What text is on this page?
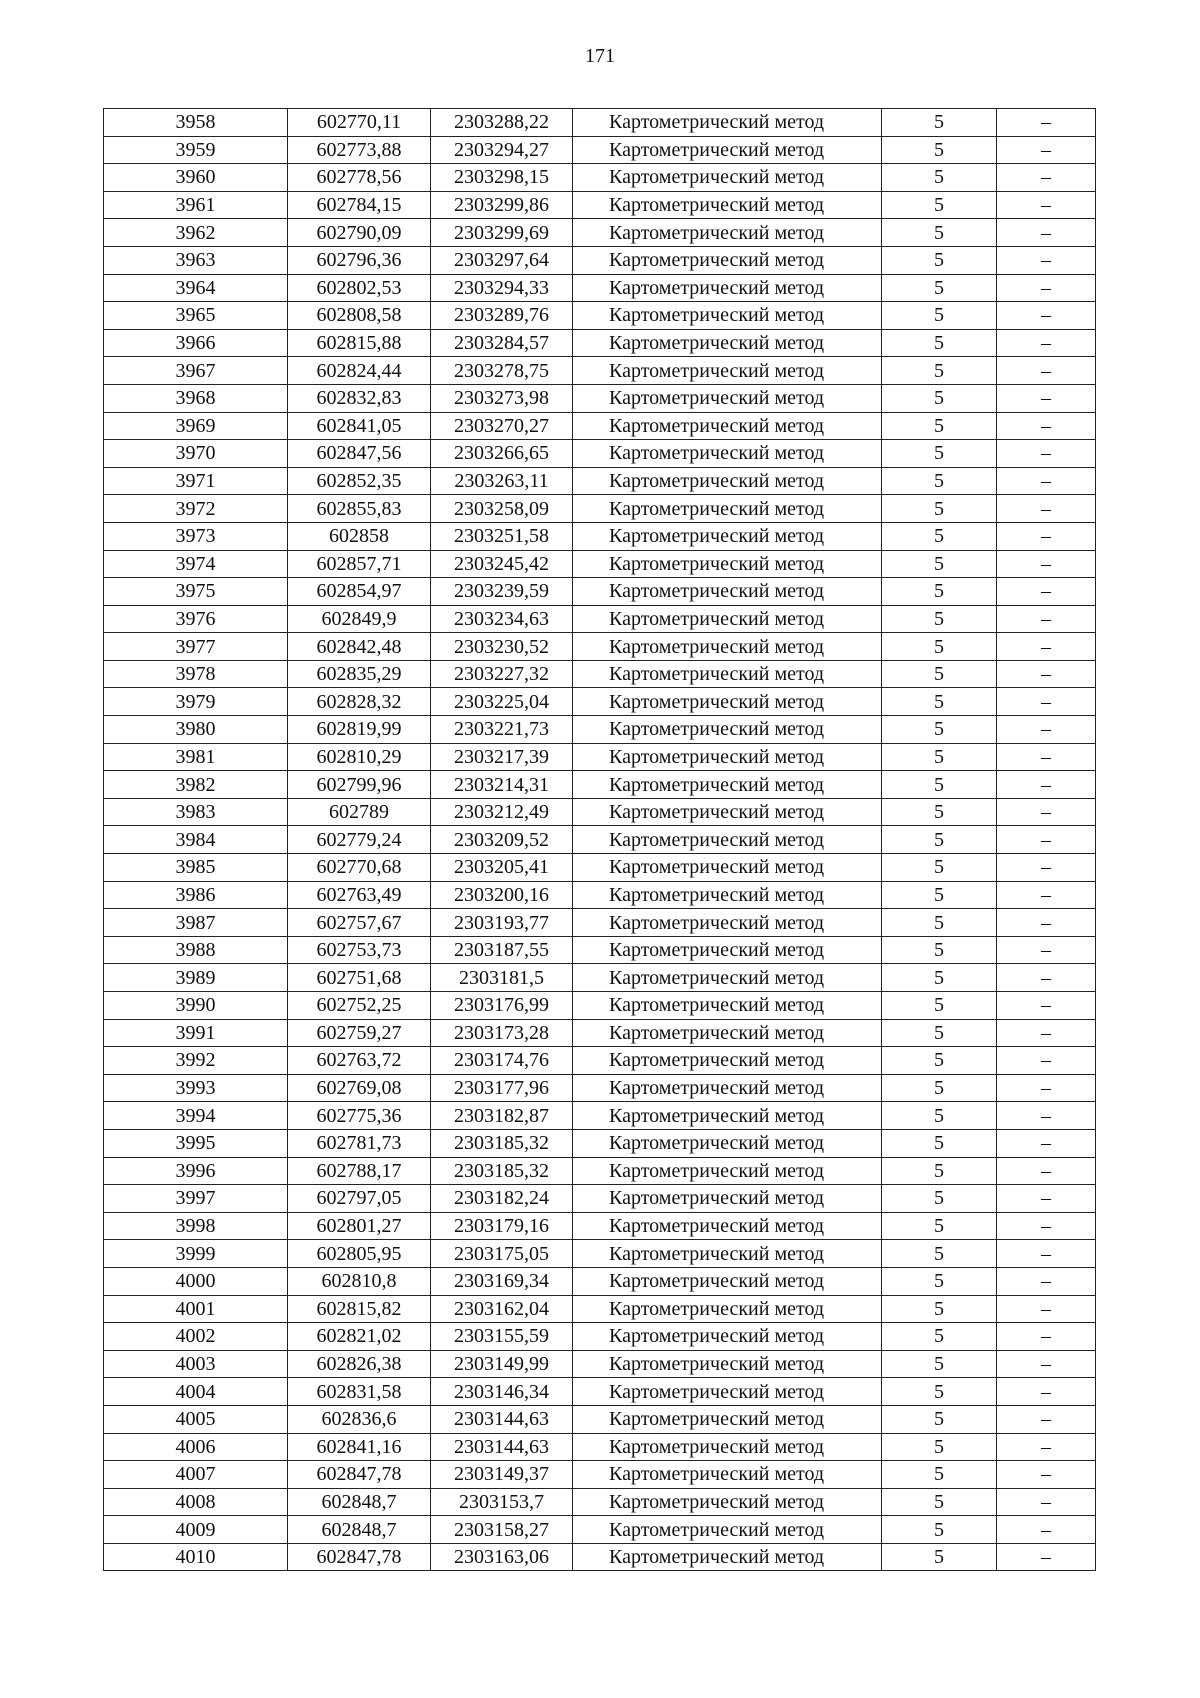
171
3958	602770,11	2303288,22	Картометрический метод	5	–
3959	602773,88	2303294,27	Картометрический метод	5	–
3960	602778,56	2303298,15	Картометрический метод	5	–
3961	602784,15	2303299,86	Картометрический метод	5	–
3962	602790,09	2303299,69	Картометрический метод	5	–
3963	602796,36	2303297,64	Картометрический метод	5	–
3964	602802,53	2303294,33	Картометрический метод	5	–
3965	602808,58	2303289,76	Картометрический метод	5	–
3966	602815,88	2303284,57	Картометрический метод	5	–
3967	602824,44	2303278,75	Картометрический метод	5	–
3968	602832,83	2303273,98	Картометрический метод	5	–
3969	602841,05	2303270,27	Картометрический метод	5	–
3970	602847,56	2303266,65	Картометрический метод	5	–
3971	602852,35	2303263,11	Картометрический метод	5	–
3972	602855,83	2303258,09	Картометрический метод	5	–
3973	602858	2303251,58	Картометрический метод	5	–
3974	602857,71	2303245,42	Картометрический метод	5	–
3975	602854,97	2303239,59	Картометрический метод	5	–
3976	602849,9	2303234,63	Картометрический метод	5	–
3977	602842,48	2303230,52	Картометрический метод	5	–
3978	602835,29	2303227,32	Картометрический метод	5	–
3979	602828,32	2303225,04	Картометрический метод	5	–
3980	602819,99	2303221,73	Картометрический метод	5	–
3981	602810,29	2303217,39	Картометрический метод	5	–
3982	602799,96	2303214,31	Картометрический метод	5	–
3983	602789	2303212,49	Картометрический метод	5	–
3984	602779,24	2303209,52	Картометрический метод	5	–
3985	602770,68	2303205,41	Картометрический метод	5	–
3986	602763,49	2303200,16	Картометрический метод	5	–
3987	602757,67	2303193,77	Картометрический метод	5	–
3988	602753,73	2303187,55	Картометрический метод	5	–
3989	602751,68	2303181,5	Картометрический метод	5	–
3990	602752,25	2303176,99	Картометрический метод	5	–
3991	602759,27	2303173,28	Картометрический метод	5	–
3992	602763,72	2303174,76	Картометрический метод	5	–
3993	602769,08	2303177,96	Картометрический метод	5	–
3994	602775,36	2303182,87	Картометрический метод	5	–
3995	602781,73	2303185,32	Картометрический метод	5	–
3996	602788,17	2303185,32	Картометрический метод	5	–
3997	602797,05	2303182,24	Картометрический метод	5	–
3998	602801,27	2303179,16	Картометрический метод	5	–
3999	602805,95	2303175,05	Картометрический метод	5	–
4000	602810,8	2303169,34	Картометрический метод	5	–
4001	602815,82	2303162,04	Картометрический метод	5	–
4002	602821,02	2303155,59	Картометрический метод	5	–
4003	602826,38	2303149,99	Картометрический метод	5	–
4004	602831,58	2303146,34	Картометрический метод	5	–
4005	602836,6	2303144,63	Картометрический метод	5	–
4006	602841,16	2303144,63	Картометрический метод	5	–
4007	602847,78	2303149,37	Картометрический метод	5	–
4008	602848,7	2303153,7	Картометрический метод	5	–
4009	602848,7	2303158,27	Картометрический метод	5	–
4010	602847,78	2303163,06	Картометрический метод	5	–
